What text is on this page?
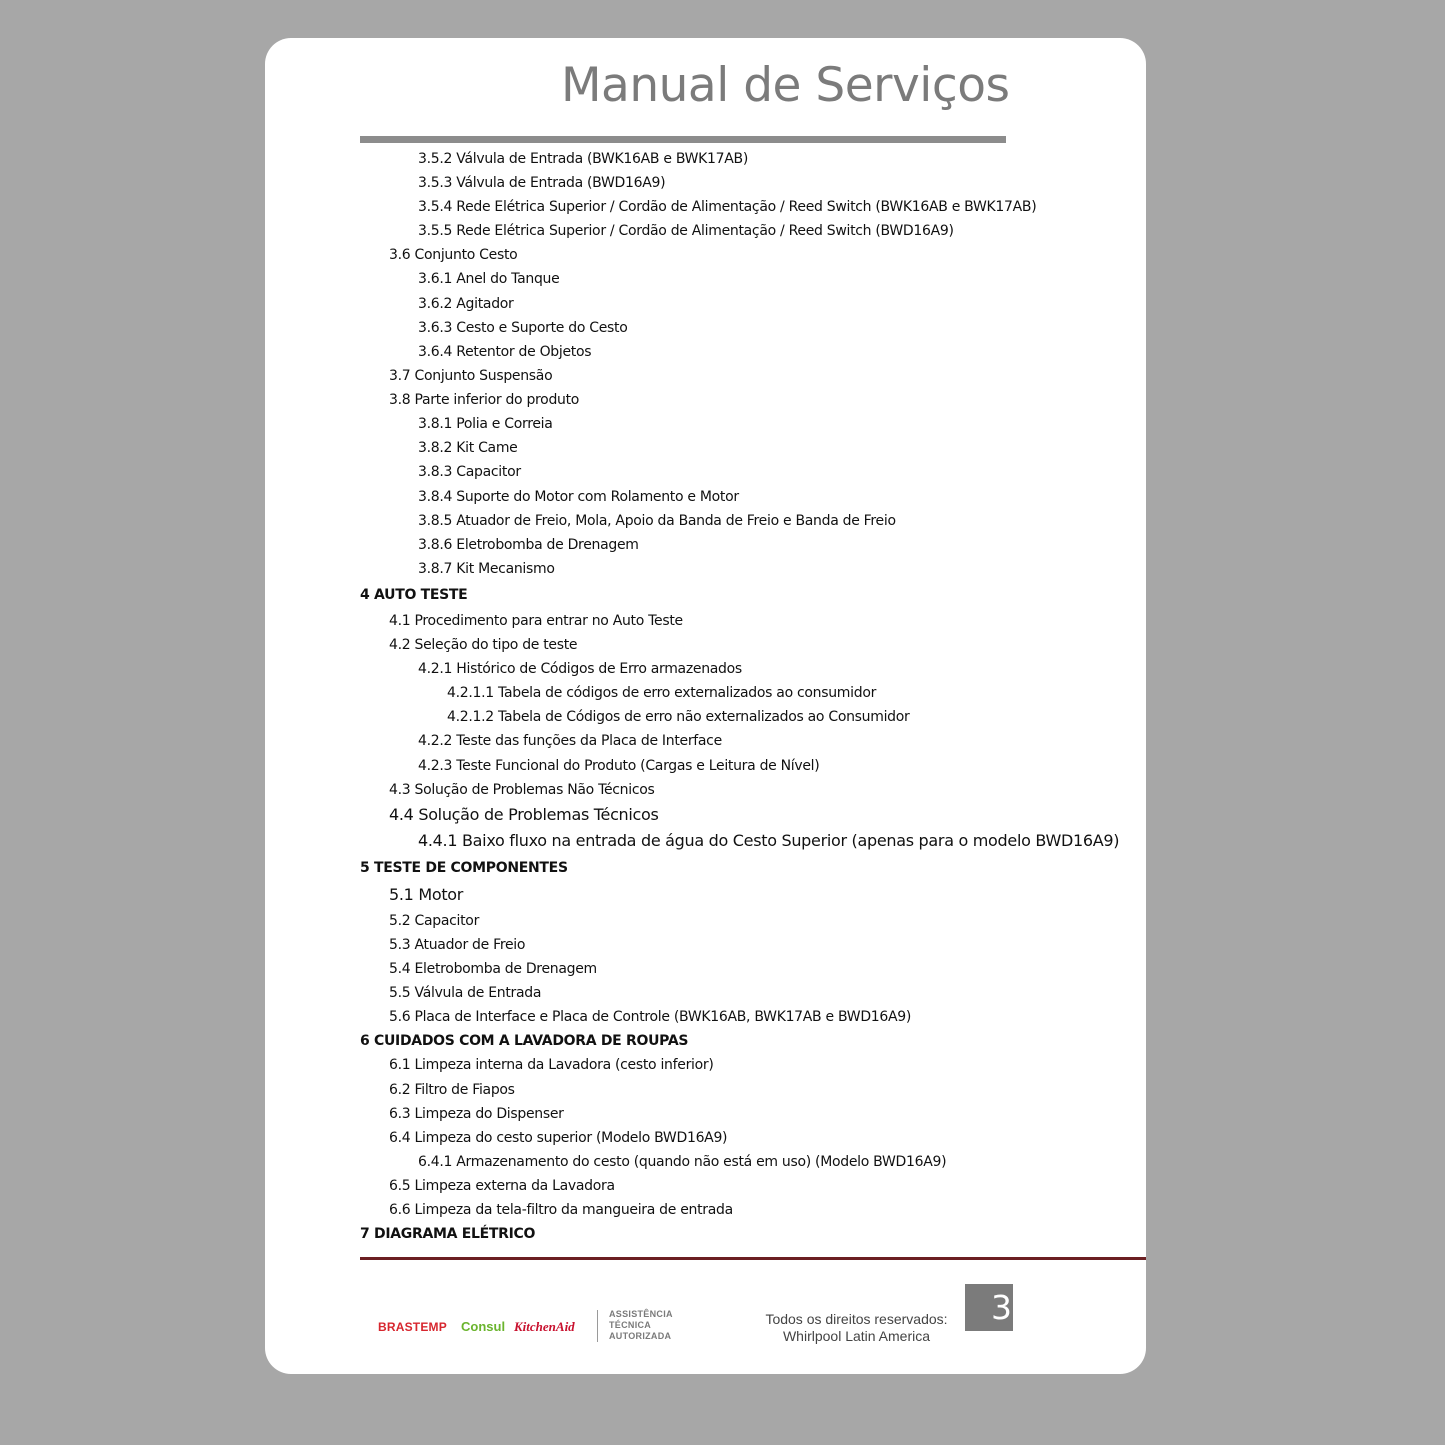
Manual de Serviços
3.5.2 Válvula de Entrada (BWK16AB e BWK17AB)
3.5.3 Válvula de Entrada (BWD16A9)
3.5.4 Rede Elétrica Superior / Cordão de Alimentação / Reed Switch (BWK16AB e BWK17AB)
3.5.5 Rede Elétrica Superior / Cordão de Alimentação / Reed Switch (BWD16A9)
3.6 Conjunto Cesto
3.6.1 Anel do Tanque
3.6.2 Agitador
3.6.3 Cesto e Suporte do Cesto
3.6.4 Retentor de Objetos
3.7 Conjunto Suspensão
3.8 Parte inferior do produto
3.8.1 Polia e Correia
3.8.2 Kit Came
3.8.3 Capacitor
3.8.4 Suporte do Motor com Rolamento e Motor
3.8.5 Atuador de Freio, Mola, Apoio da Banda de Freio e Banda de Freio
3.8.6 Eletrobomba de Drenagem
3.8.7 Kit Mecanismo
4 AUTO TESTE
4.1 Procedimento para entrar no Auto Teste
4.2 Seleção do tipo de teste
4.2.1 Histórico de Códigos de Erro armazenados
4.2.1.1 Tabela de códigos de erro externalizados ao consumidor
4.2.1.2 Tabela de Códigos de erro não externalizados ao Consumidor
4.2.2 Teste das funções da Placa de Interface
4.2.3 Teste Funcional do Produto (Cargas e Leitura de Nível)
4.3 Solução de Problemas Não Técnicos
4.4 Solução de Problemas Técnicos
4.4.1 Baixo fluxo na entrada de água do Cesto Superior (apenas para o modelo BWD16A9)
5 TESTE DE COMPONENTES
5.1 Motor
5.2 Capacitor
5.3 Atuador de Freio
5.4 Eletrobomba de Drenagem
5.5 Válvula de Entrada
5.6 Placa de Interface e Placa de Controle (BWK16AB, BWK17AB e BWD16A9)
6 CUIDADOS COM A LAVADORA DE ROUPAS
6.1 Limpeza interna da Lavadora (cesto inferior)
6.2 Filtro de Fiapos
6.3 Limpeza do Dispenser
6.4 Limpeza do cesto superior (Modelo BWD16A9)
6.4.1 Armazenamento do cesto (quando não está em uso) (Modelo BWD16A9)
6.5 Limpeza externa da Lavadora
6.6 Limpeza da tela-filtro da mangueira de entrada
7 DIAGRAMA ELÉTRICO
BRASTEMP Consul KitchenAid
ASSISTÊNCIA
TÉCNICA
AUTORIZADA
Todos os direitos reservados:
Whirlpool Latin America
3
